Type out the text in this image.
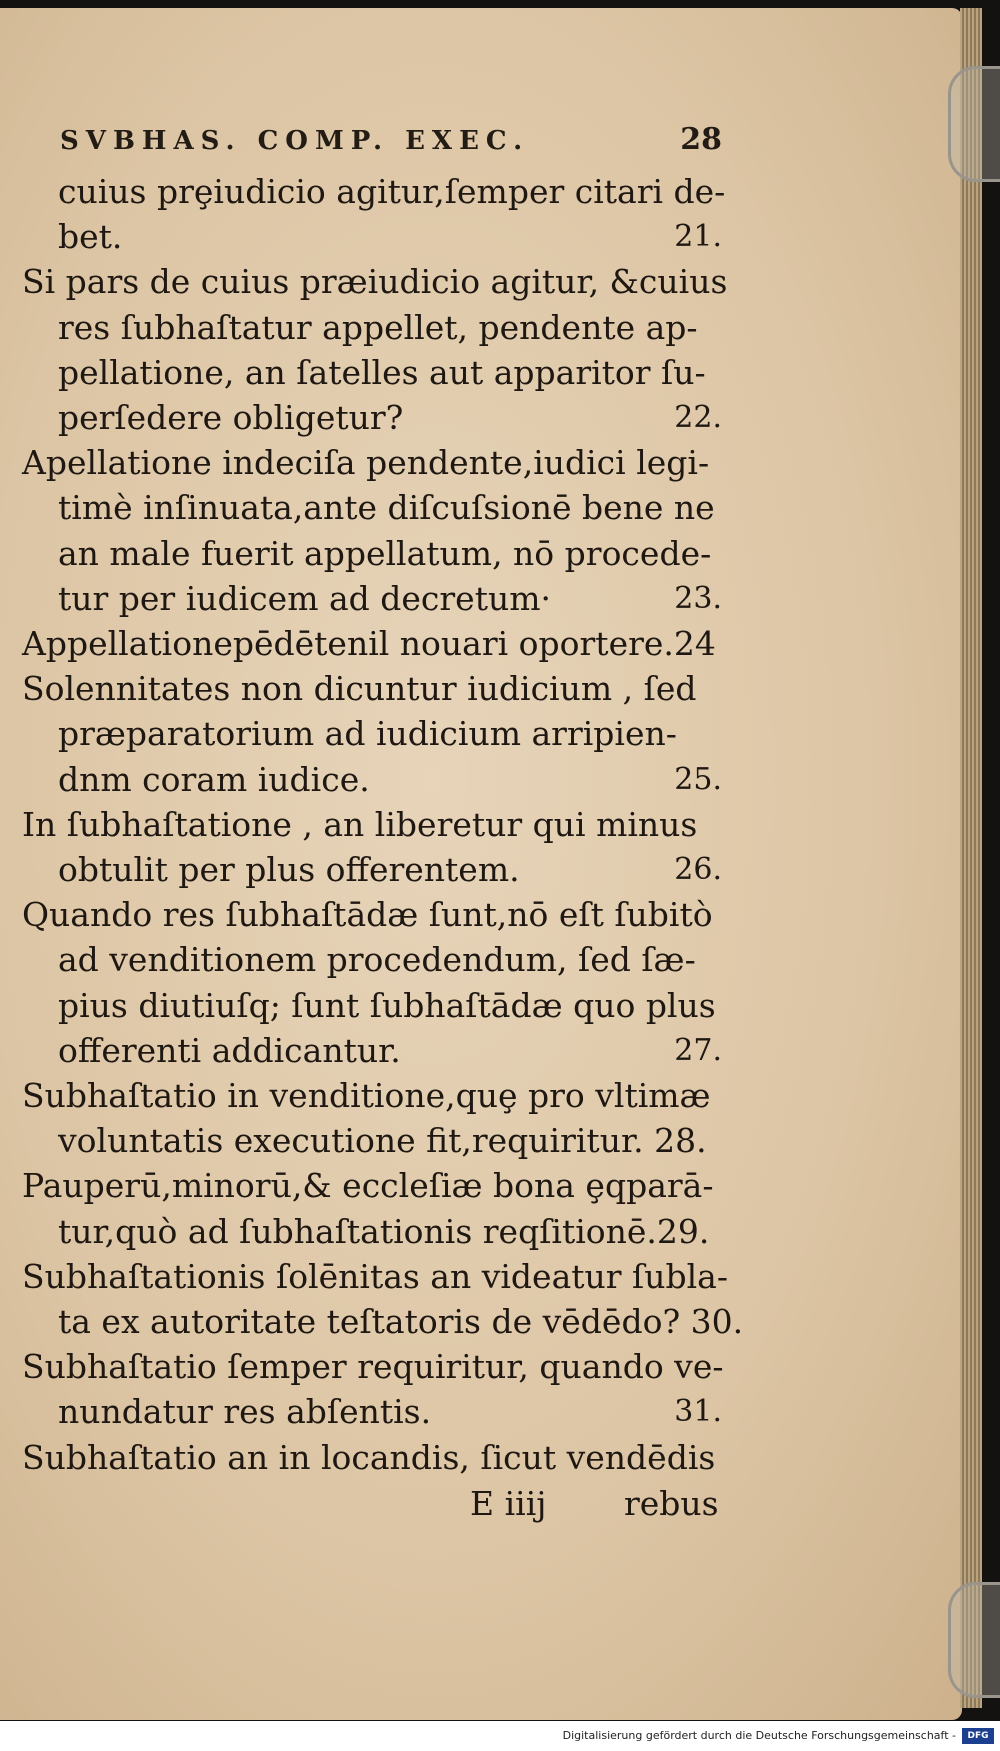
SVBHAS. COMP. EXEC.	28
cuius prȩiudicio agitur,ſemper citari de-
bet.	21.
Si pars de cuius præiudicio agitur, &cuius
res ſubhaſtatur appellet, pendente ap-
pellatione, an ſatelles aut apparitor ſu-
perſedere obligetur?	22.
Apellatione indeciſa pendente,iudici legi-
timè inſinuata,ante diſcuſsionē bene ne
an male fuerit appellatum, nō procede-
tur per iudicem ad decretum·	23.
Appellationepēdētenil nouari oportere.24
Solennitates non dicuntur iudicium , ſed
præparatorium ad iudicium arripien-
dnm coram iudice.	25.
In ſubhaſtatione , an liberetur qui minus
obtulit per plus offerentem.	26.
Quando res ſubhaſtādæ ſunt,nō eſt ſubitò
ad venditionem procedendum, ſed ſæ-
pius diutiuſq; ſunt ſubhaſtādæ quo plus
offerenti addicantur.	27.
Subhaſtatio in venditione,quȩ pro vltimæ
voluntatis executione fit,requiritur. 28.
Pauperū,minorū,& eccleſiæ bona ȩqparā-
tur,quò ad ſubhaſtationis reqſitionē.29.
Subhaſtationis ſolēnitas an videatur ſubla-
ta ex autoritate teſtatoris de vēdēdo? 30.
Subhaſtatio ſemper requiritur, quando ve-
nundatur res abſentis.	31.
Subhaſtatio an in locandis, ſicut vendēdis
E iiij rebus
Digitalisierung gefördert durch die Deutsche Forschungsgemeinschaft -	DFG
